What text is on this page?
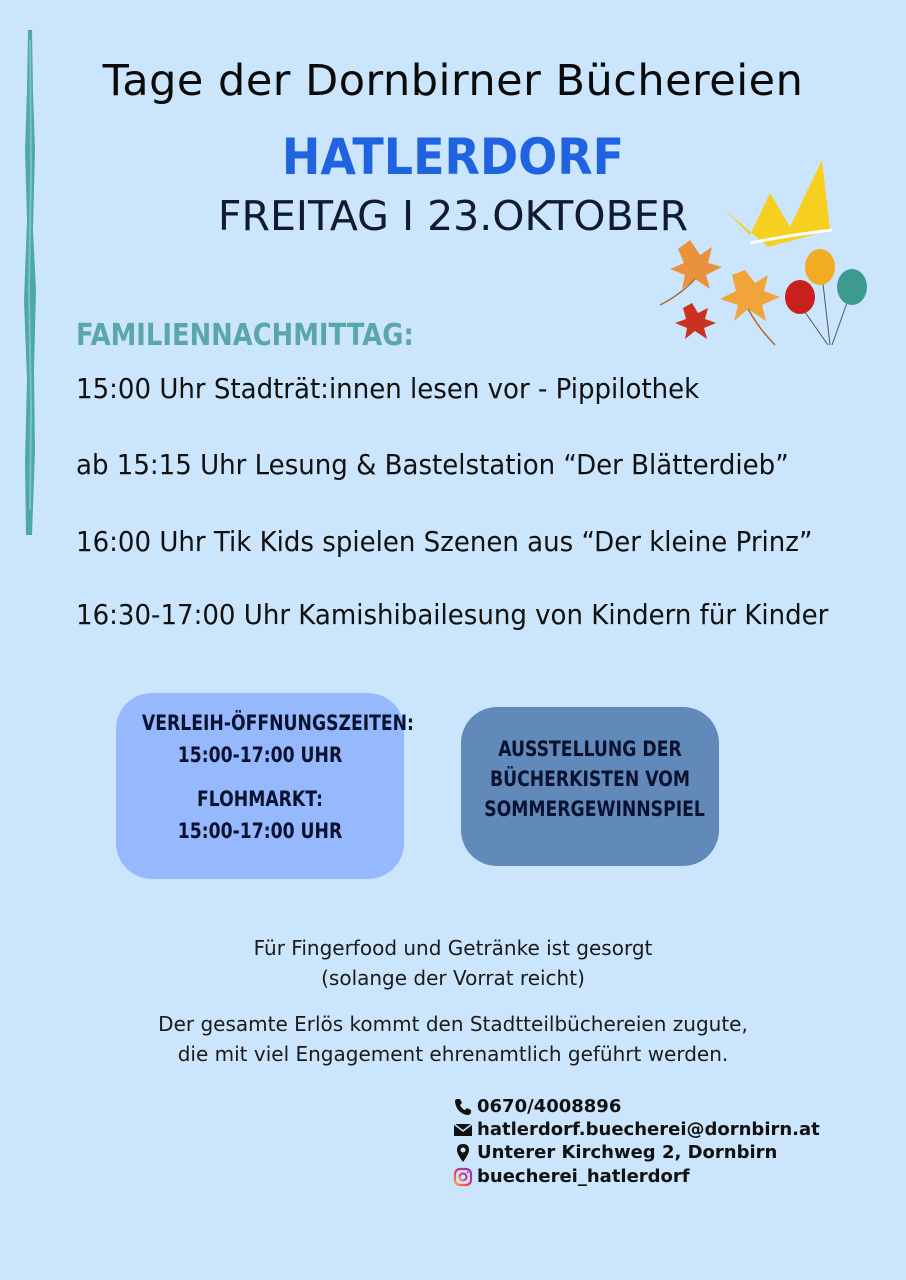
Tage der Dornbirner Büchereien
HATLERDORF
FREITAG I 23.OKTOBER
FAMILIENNACHMITTAG:
15:00 Uhr Stadträt:innen lesen vor - Pippilothek
ab 15:15 Uhr Lesung & Bastelstation “Der Blätterdieb”
16:00 Uhr Tik Kids spielen Szenen aus “Der kleine Prinz”
16:30-17:00 Uhr Kamishibailesung von Kindern für Kinder
VERLEIH-ÖFFNUNGSZEITEN:
15:00-17:00 UHR
FLOHMARKT:
15:00-17:00 UHR
AUSSTELLUNG DER
BÜCHERKISTEN VOM
SOMMERGEWINNSPIEL
Für Fingerfood und Getränke ist gesorgt
(solange der Vorrat reicht)
Der gesamte Erlös kommt den Stadtteilbüchereien zugute,
die mit viel Engagement ehrenamtlich geführt werden.
0670/4008896
hatlerdorf.buecherei@dornbirn.at
Unterer Kirchweg 2, Dornbirn
buecherei_hatlerdorf
